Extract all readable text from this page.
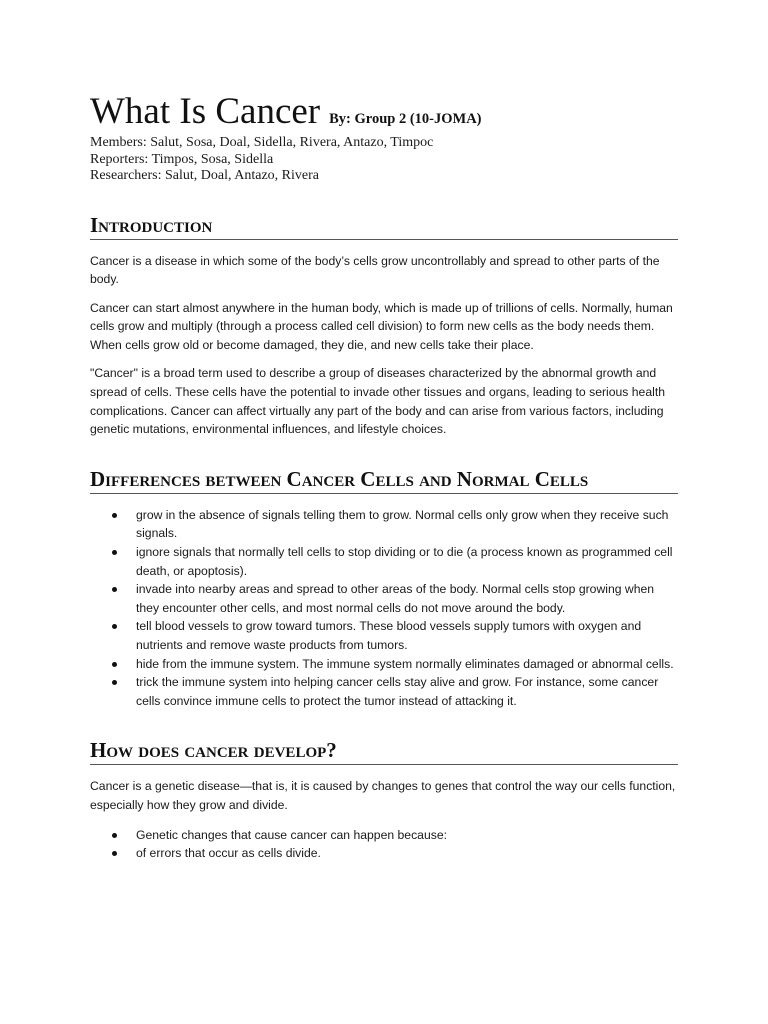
What Is Cancer By: Group 2 (10-JOMA)
Members: Salut, Sosa, Doal, Sidella, Rivera, Antazo, Timpoc
Reporters: Timpos, Sosa, Sidella
Researchers: Salut, Doal, Antazo, Rivera
Introduction

Cancer is a disease in which some of the body’s cells grow uncontrollably and spread to other parts of the body.

Cancer can start almost anywhere in the human body, which is made up of trillions of cells. Normally, human cells grow and multiply (through a process called cell division) to form new cells as the body needs them. When cells grow old or become damaged, they die, and new cells take their place.

"Cancer" is a broad term used to describe a group of diseases characterized by the abnormal growth and spread of cells. These cells have the potential to invade other tissues and organs, leading to serious health complications. Cancer can affect virtually any part of the body and can arise from various factors, including genetic mutations, environmental influences, and lifestyle choices.

Differences between Cancer Cells and Normal Cells
grow in the absence of signals telling them to grow. Normal cells only grow when they receive such signals.
ignore signals that normally tell cells to stop dividing or to die (a process known as programmed cell death, or apoptosis).
invade into nearby areas and spread to other areas of the body. Normal cells stop growing when they encounter other cells, and most normal cells do not move around the body.
tell blood vessels to grow toward tumors. These blood vessels supply tumors with oxygen and nutrients and remove waste products from tumors.
hide from the immune system. The immune system normally eliminates damaged or abnormal cells.
trick the immune system into helping cancer cells stay alive and grow. For instance, some cancer cells convince immune cells to protect the tumor instead of attacking it.
How does cancer develop?

Cancer is a genetic disease—that is, it is caused by changes to genes that control the way our cells function, especially how they grow and divide.

Genetic changes that cause cancer can happen because:
of errors that occur as cells divide.
